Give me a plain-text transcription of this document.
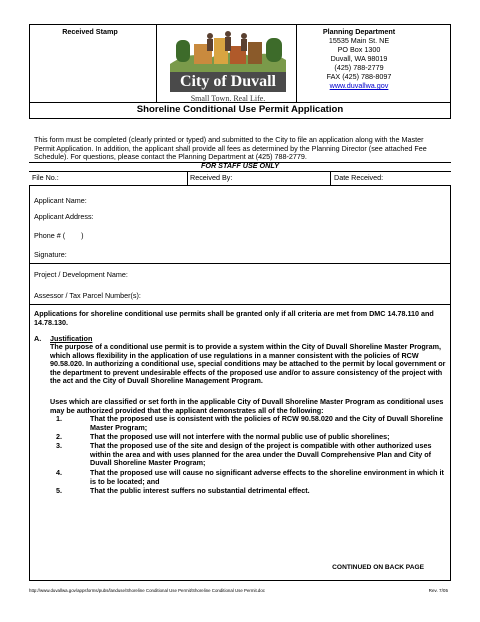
Received Stamp
City of Duvall
Small Town. Real Life.
Planning Department
15535 Main St. NE
PO Box 1300
Duvall, WA 98019
(425) 788-2779
FAX (425) 788-8097
www.duvallwa.gov
Shoreline Conditional Use Permit Application
This form must be completed (clearly printed or typed) and submitted to the City to file an application along with the Master Permit Application. In addition, the applicant shall provide all fees as determined by the Planning Director (see attached Fee Schedule). For questions, please contact the Planning Department at (425) 788-2779.
FOR STAFF USE ONLY
File No.:	Received By:	Date Received:
Applicant Name:
Applicant Address:
Phone # (        )
Signature:
Project / Development Name:
Assessor / Tax Parcel Number(s):
Applications for shoreline conditional use permits shall be granted only if all criteria are met from DMC 14.78.110 and 14.78.130.
A. Justification
The purpose of a conditional use permit is to provide a system within the City of Duvall Shoreline Master Program, which allows flexibility in the application of use regulations in a manner consistent with the policies of RCW 90.58.020. In authorizing a conditional use, special conditions may be attached to the permit by local government or the department to prevent undesirable effects of the proposed use and/or to assure consistency of the project with the act and the City of Duvall Shoreline Management Program.
Uses which are classified or set forth in the applicable City of Duvall Shoreline Master Program as conditional uses may be authorized provided that the applicant demonstrates all of the following:
1.	That the proposed use is consistent with the policies of RCW 90.58.020 and the City of Duvall Shoreline Master Program;
2.	That the proposed use will not interfere with the normal public use of public shorelines;
3.	That the proposed use of the site and design of the project is compatible with other authorized uses within the area and with uses planned for the area under the Duvall Comprehensive Plan and City of Duvall Shoreline Master Program;
4.	That the proposed use will cause no significant adverse effects to the shoreline environment in which it is to be located; and
5.	That the public interest suffers no substantial detrimental effect.
CONTINUED ON BACK PAGE
http://www.duvallwa.gov/appsforms/pubs/landuse/Shoreline Conditional Use Permit/Shoreline Conditional Use Permit.doc	Rev. 7/05
